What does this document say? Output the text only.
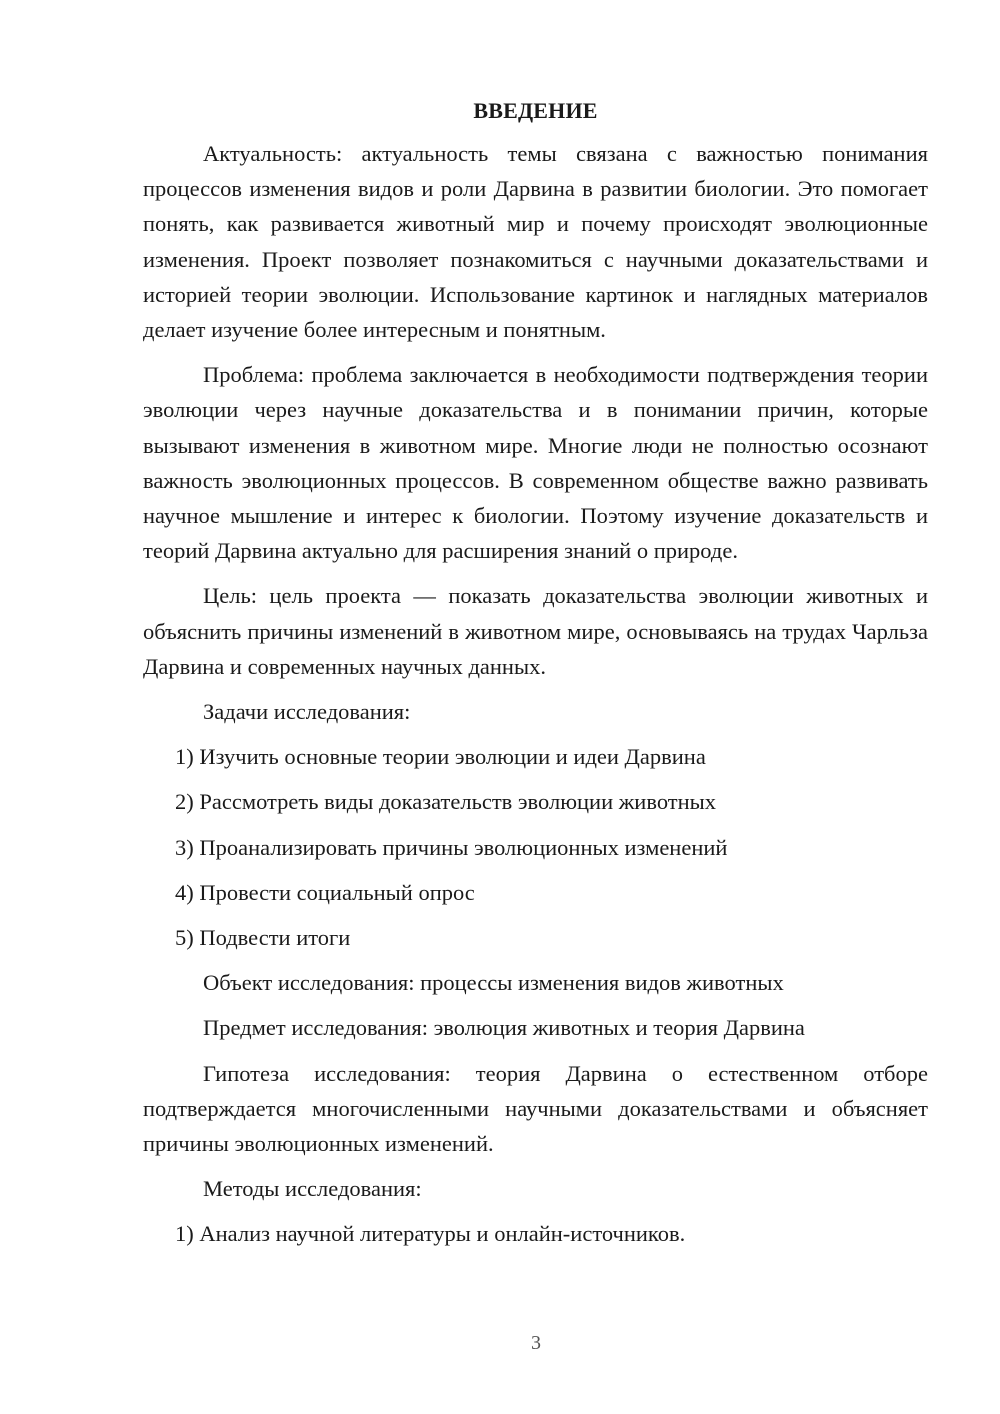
ВВЕДЕНИЕ

Актуальность: актуальность темы связана с важностью понимания процессов изменения видов и роли Дарвина в развитии биологии. Это помогает понять, как развивается животный мир и почему происходят эволюционные изменения. Проект позволяет познакомиться с научными доказательствами и историей теории эволюции. Использование картинок и наглядных материалов делает изучение более интересным и понятным.

Проблема: проблема заключается в необходимости подтверждения теории эволюции через научные доказательства и в понимании причин, которые вызывают изменения в животном мире. Многие люди не полностью осознают важность эволюционных процессов. В современном обществе важно развивать научное мышление и интерес к биологии. Поэтому изучение доказательств и теорий Дарвина актуально для расширения знаний о природе.

Цель: цель проекта — показать доказательства эволюции животных и объяснить причины изменений в животном мире, основываясь на трудах Чарльза Дарвина и современных научных данных.

Задачи исследования:
1) Изучить основные теории эволюции и идеи Дарвина
2) Рассмотреть виды доказательств эволюции животных
3) Проанализировать причины эволюционных изменений
4) Провести социальный опрос
5) Подвести итоги
Объект исследования: процессы изменения видов животных
Предмет исследования: эволюция животных и теория Дарвина

Гипотеза исследования: теория Дарвина о естественном отборе подтверждается многочисленными научными доказательствами и объясняет причины эволюционных изменений.

Методы исследования:
1) Анализ научной литературы и онлайн-источников.
3
